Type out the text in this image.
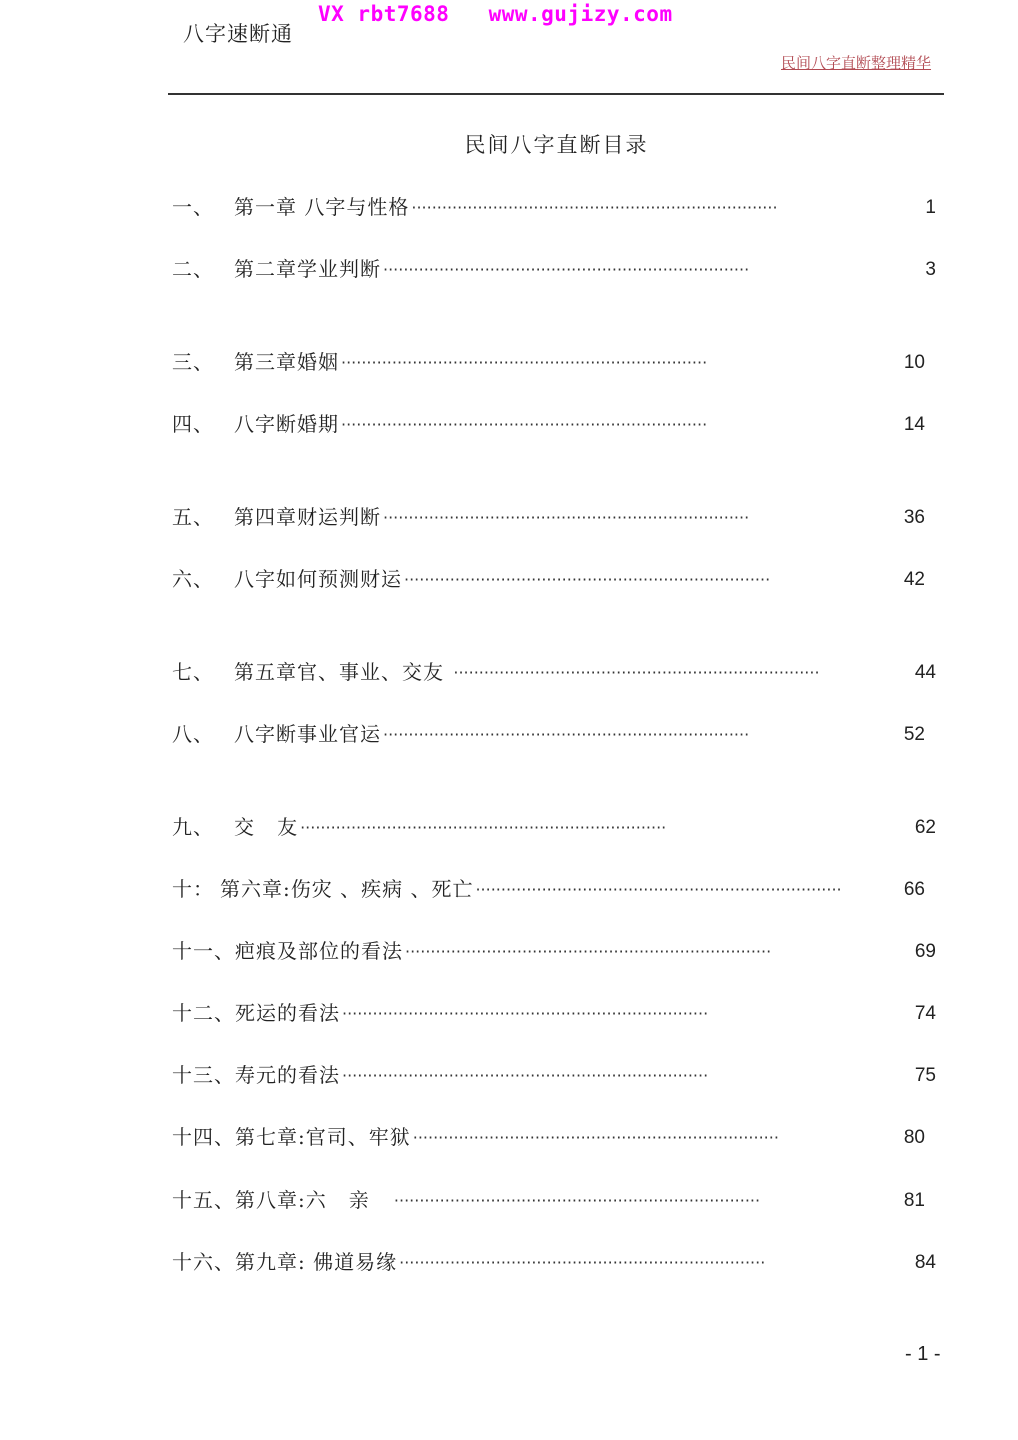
VX rbt7688 www.gujizy.com
八字速断通
民间八字直断整理精华
民间八字直断目录
一、	第一章 八字与性格 ········································································	1
二、	第二章学业判断 ········································································	3
三、	第三章婚姻 ········································································	10
四、	八字断婚期 ········································································	14
五、	第四章财运判断 ········································································	36
六、	八字如何预测财运 ········································································	42
七、	第五章官、事业、交友 ········································································	44
八、	八字断事业官运 ········································································	52
九、	交   友 ········································································	62
十： 第六章:伤灾 、疾病 、死亡 ········································································	66
十一、 疤痕及部位的看法 ········································································	69
十二、 死运的看法 ········································································	74
十三、 寿元的看法 ········································································	75
十四、 第七章:官司、牢狱 ········································································	80
十五、 第八章:六   亲 ········································································	81
十六、 第九章: 佛道易缘 ········································································	84
- 1 -
